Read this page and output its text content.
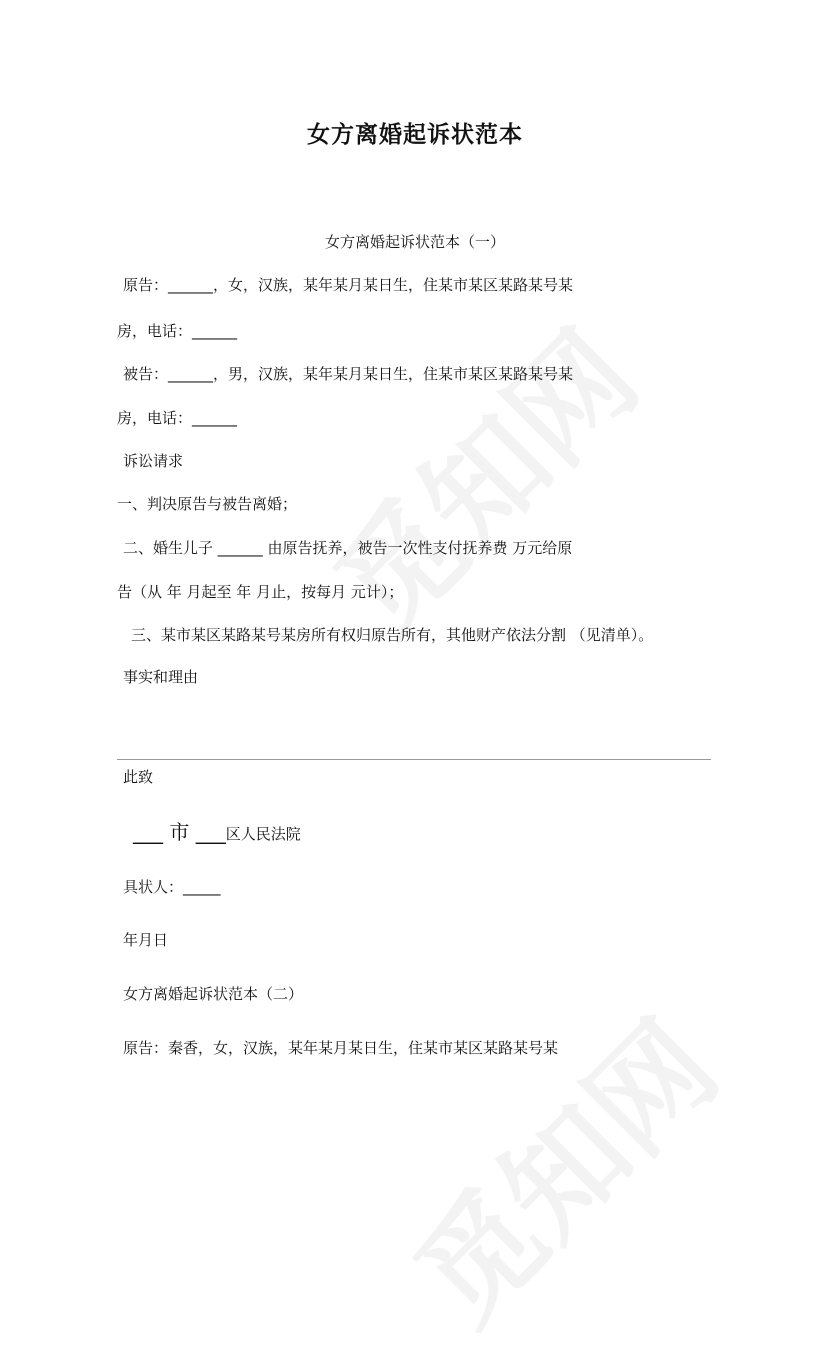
女方离婚起诉状范本
女方离婚起诉状范本（一）
原告：______，女，汉族，某年某月某日生，住某市某区某路某号某
房，电话：______
被告：______，男，汉族，某年某月某日生，住某市某区某路某号某
房，电话：______
诉讼请求
一、判决原告与被告离婚；
二、婚生儿子 ______ 由原告抚养，被告一次性支付抚养费 万元给原
告（从 年 月起至 年 月止，按每月 元计）；
三、某市某区某路某号某房所有权归原告所有，其他财产依法分割 （见清单）。
事实和理由
此致
___ 市 ___区人民法院
具状人：_____
年月日
女方离婚起诉状范本（二）
原告：秦香，女，汉族，某年某月某日生，住某市某区某路某号某
